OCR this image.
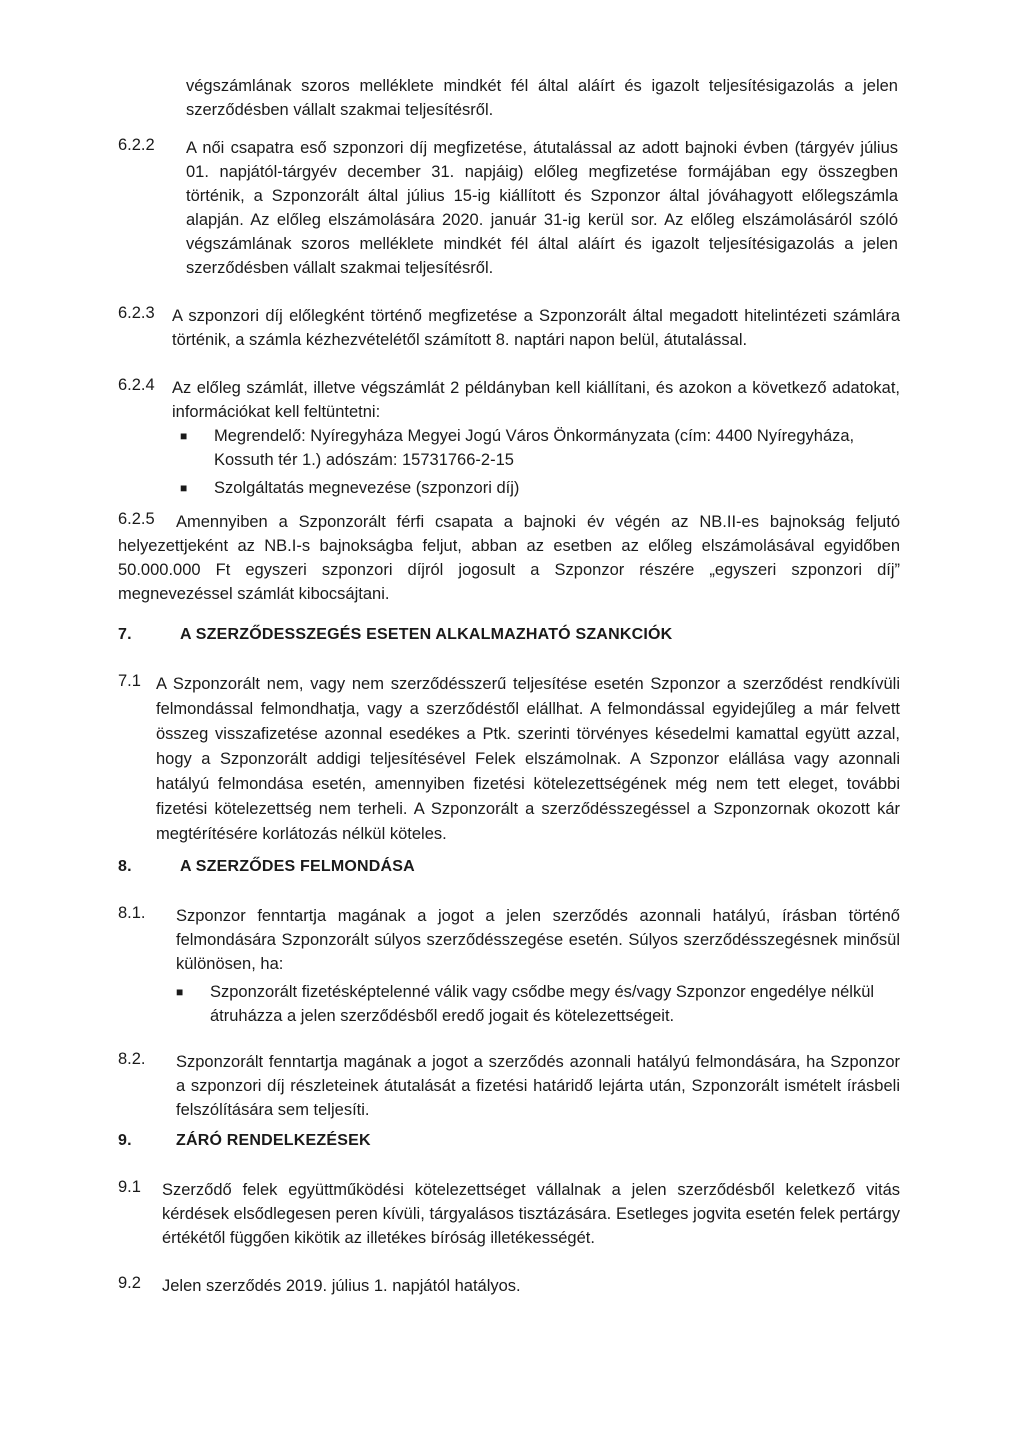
végszámlának szoros melléklete mindkét fél által aláírt és igazolt teljesítésigazolás a jelen szerződésben vállalt szakmai teljesítésről.
6.2.2 A női csapatra eső szponzori díj megfizetése, átutalással az adott bajnoki évben (tárgyév július 01. napjától-tárgyév december 31. napjáig) előleg megfizetése formájában egy összegben történik, a Szponzorált által július 15-ig kiállított és Szponzor által jóváhagyott előlegszámla alapján. Az előleg elszámolására 2020. január 31-ig kerül sor. Az előleg elszámolásáról szóló végszámlának szoros melléklete mindkét fél által aláírt és igazolt teljesítésigazolás a jelen szerződésben vállalt szakmai teljesítésről.
6.2.3 A szponzori díj előlegként történő megfizetése a Szponzorált által megadott hitelintézeti számlára történik, a számla kézhezvételétől számított 8. naptári napon belül, átutalással.
6.2.4 Az előleg számlát, illetve végszámlát 2 példányban kell kiállítani, és azokon a következő adatokat, információkat kell feltüntetni:
■ Megrendelő: Nyíregyháza Megyei Jogú Város Önkormányzata (cím: 4400 Nyíregyháza, Kossuth tér 1.) adószám: 15731766-2-15
■ Szolgáltatás megnevezése (szponzori díj)
6.2.5	Amennyiben a Szponzorált férfi csapata a bajnoki év végén az NB.II-es bajnokság feljutó helyezettjeként az NB.I-s bajnokságba feljut, abban az esetben az előleg elszámolásával egyidőben 50.000.000 Ft egyszeri szponzori díjról jogosult a Szponzor részére „egyszeri szponzori díj” megnevezéssel számlát kibocsájtani.
7.	A SZERZŐDESSZEGÉS ESETEN ALKALMAZHATÓ SZANKCIÓK
7.1 A Szponzorált nem, vagy nem szerződésszerű teljesítése esetén Szponzor a szerződést rendkívüli felmondással felmondhatja, vagy a szerződéstől elállhat. A felmondással egyidejűleg a már felvett összeg visszafizetése azonnal esedékes a Ptk. szerinti törvényes késedelmi kamattal együtt azzal, hogy a Szponzorált addigi teljesítésével Felek elszámolnak. A Szponzor elállása vagy azonnali hatályú felmondása esetén, amennyiben fizetési kötelezettségének még nem tett eleget, további fizetési kötelezettség nem terheli. A Szponzorált a szerződésszegéssel a Szponzornak okozott kár megtérítésére korlátozás nélkül köteles.
8.	A SZERZŐDES FELMONDÁSA
8.1. Szponzor fenntartja magának a jogot a jelen szerződés azonnali hatályú, írásban történő felmondására Szponzorált súlyos szerződésszegése esetén. Súlyos szerződésszegésnek minősül különösen, ha:
■ Szponzorált fizetésképtelenné válik vagy csődbe megy és/vagy Szponzor engedélye nélkül átruházza a jelen szerződésből eredő jogait és kötelezettségeit.
8.2. Szponzorált fenntartja magának a jogot a szerződés azonnali hatályú felmondására, ha Szponzor a szponzori díj részleteinek átutalását a fizetési határidő lejárta után, Szponzorált ismételt írásbeli felszólítására sem teljesíti.
9.	ZÁRÓ RENDELKEZÉSEK
9.1 Szerződő felek együttműködési kötelezettséget vállalnak a jelen szerződésből keletkező vitás kérdések elsődlegesen peren kívüli, tárgyalásos tisztázására. Esetleges jogvita esetén felek pertárgy értékétől függően kikötik az illetékes bíróság illetékességét.
9.2 Jelen szerződés 2019. július 1. napjától hatályos.
